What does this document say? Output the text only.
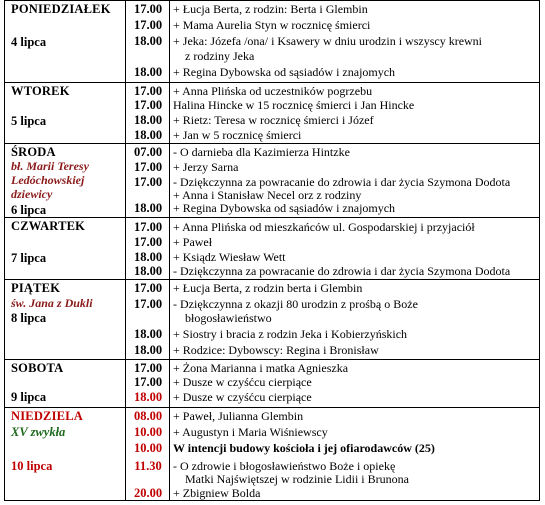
PONIEDZIAŁEK
4 lipca
17.00
17.00
18.00
18.00
+ Łucja Berta, z rodzin: Berta i Glembin
+ Mama Aurelia Styn w rocznicę śmierci
+ Jeka: Józefa /ona/ i Ksawery w dniu urodzin i wszyscy krewni
z rodziny Jeka
+ Regina Dybowska od sąsiadów i znajomych
WTOREK
5 lipca
17.00
17.00
18.00
18.00
+ Anna Plińska od uczestników pogrzebu
Halina Hincke w 15 rocznicę śmierci i Jan Hincke
+ Rietz: Teresa w rocznicę śmierci i Józef
+ Jan w 5 rocznicę śmierci
ŚRODA
bł. Marii Teresy
Ledóchowskiej
dziewicy
6 lipca
07.00
17.00
17.00
18.00
- O darnieba dla Kazimierza Hintzke
+ Jerzy Sarna
- Dziękczynna za powracanie do zdrowia i dar życia Szymona Dodota
+ Anna i Stanisław Necel orz z rodziny
+ Regina Dybowska od sąsiadów i znajomych
CZWARTEK
7 lipca
17.00
17.00
18.00
18.00
+ Anna Plińska od mieszkańców ul. Gospodarskiej i przyjaciół
+ Paweł
+ Ksiądz Wiesław Wett
- Dziękczynna za powracanie do zdrowia i dar życia Szymona Dodota
PIĄTEK
św. Jana z Dukli
8 lipca
17.00
17.00
18.00
18.00
+ Łucja Berta, z rodzin berta i Glembin
- Dziękczynna z okazji 80 urodzin z prośbą o Boże
błogosławieństwo
+ Siostry i bracia z rodzin Jeka i Kobierzyńskich
+ Rodzice: Dybowscy: Regina i Bronisław
SOBOTA
9 lipca
17.00
17.00
18.00
+ Żona Marianna i matka Agnieszka
+ Dusze w czyśćcu cierpiące
+ Dusze w czyśćcu cierpiące
NIEDZIELA
XV zwykła
10 lipca
08.00
10.00
10.00
11.30
20.00
+ Paweł, Julianna Glembin
+ Augustyn i Maria Wiśniewscy
W intencji budowy kościoła i jej ofiarodawców (25)
- O zdrowie i błogosławieństwo Boże i opiekę
Matki Najświętszej w rodzinie Lidii i Brunona
+ Zbigniew Bolda
